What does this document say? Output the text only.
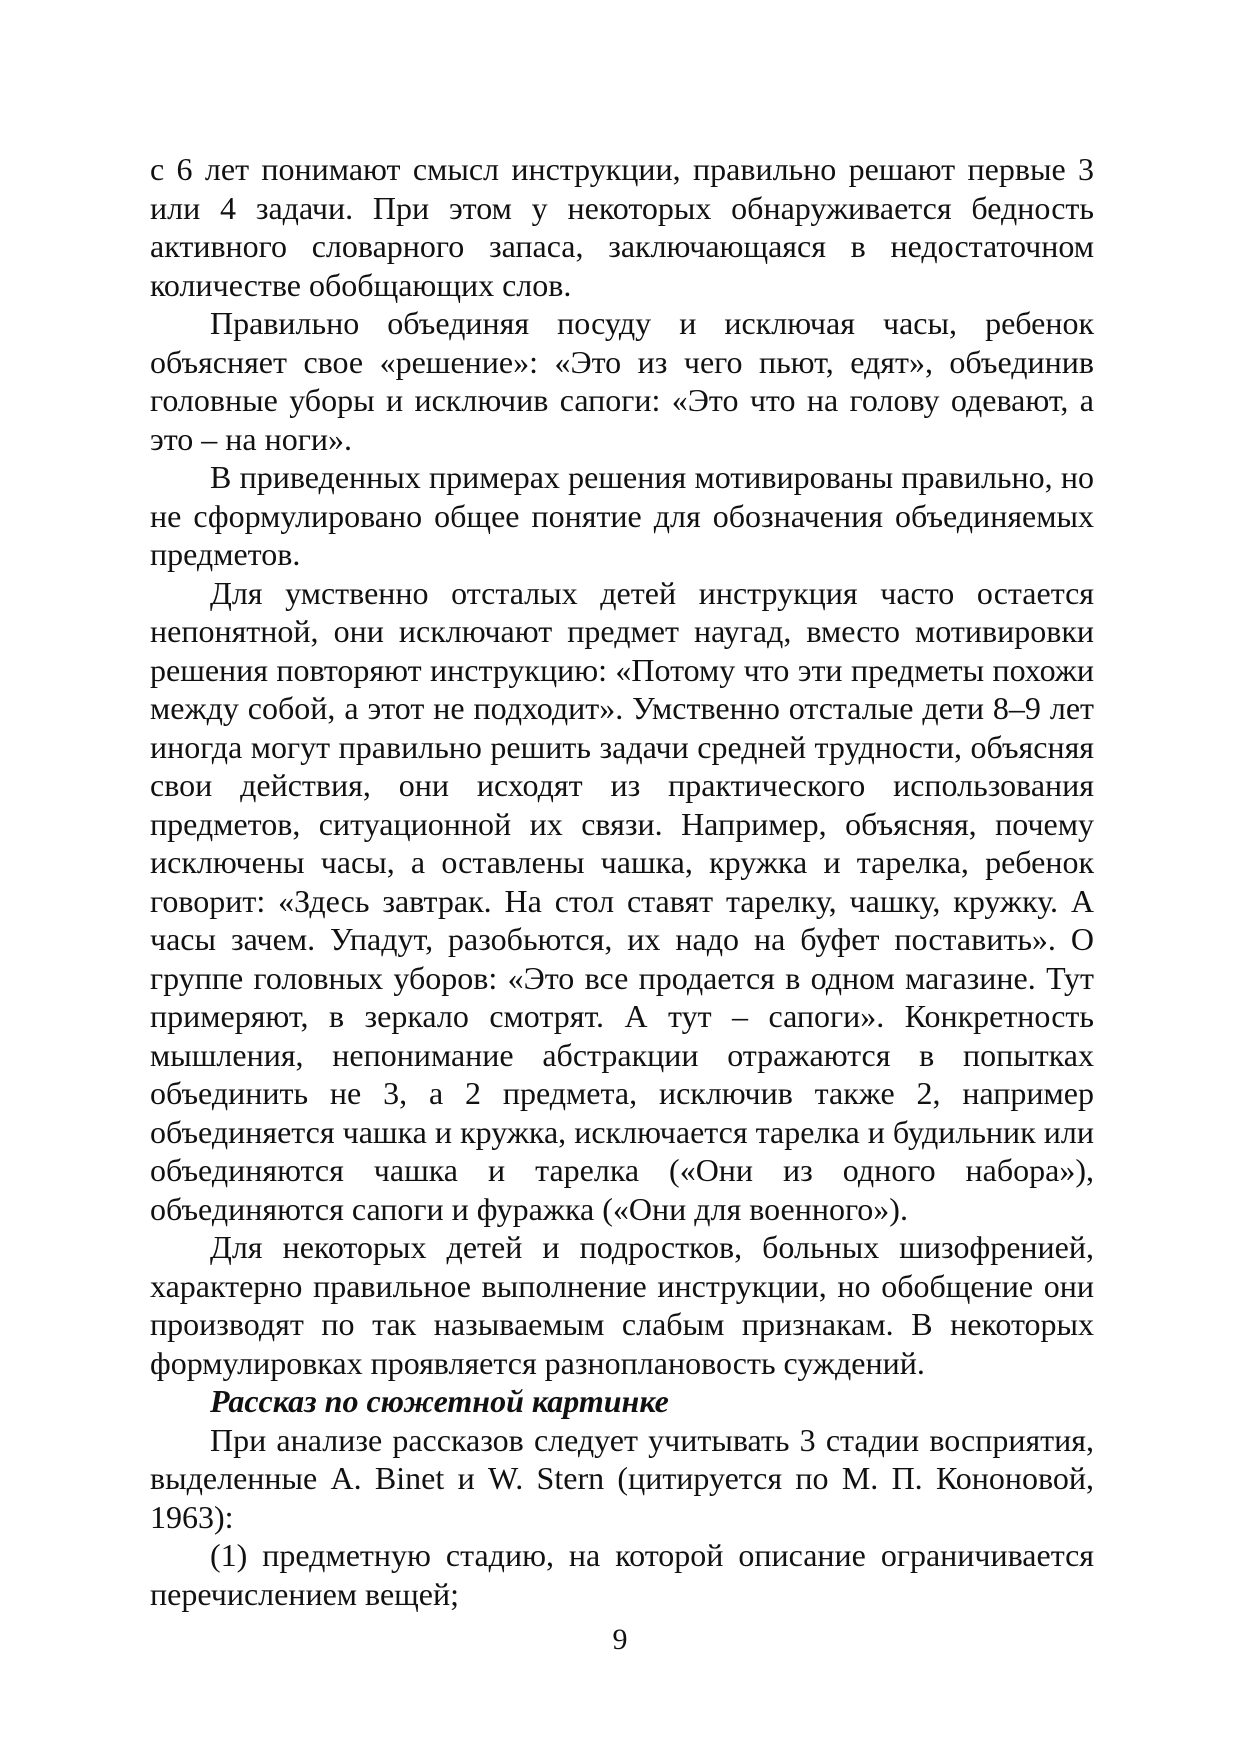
с 6 лет понимают смысл инструкции, правильно решают первые 3 или 4 задачи. При этом у некоторых обнаруживается бедность активного словарного запаса, заключающаяся в недостаточном количестве обобщающих слов.

Правильно объединяя посуду и исключая часы, ребенок объясняет свое «решение»: «Это из чего пьют, едят», объединив головные уборы и исключив сапоги: «Это что на голову одевают, а это – на ноги».

В приведенных примерах решения мотивированы правильно, но не сформулировано общее понятие для обозначения объединяемых предметов.

Для умственно отсталых детей инструкция часто остается непонятной, они исключают предмет наугад, вместо мотивировки решения повторяют инструкцию: «Потому что эти предметы похожи между собой, а этот не подходит». Умственно отсталые дети 8–9 лет иногда могут правильно решить задачи средней трудности, объясняя свои действия, они исходят из практического использования предметов, ситуационной их связи. Например, объясняя, почему исключены часы, а оставлены чашка, кружка и тарелка, ребенок говорит: «Здесь завтрак. На стол ставят тарелку, чашку, кружку. А часы зачем. Упадут, разобьются, их надо на буфет поставить». О группе головных уборов: «Это все продается в одном магазине. Тут примеряют, в зеркало смотрят. А тут – сапоги». Конкретность мышления, непонимание абстракции отражаются в попытках объединить не 3, а 2 предмета, исключив также 2, например объединяется чашка и кружка, исключается тарелка и будильник или объединяются чашка и тарелка («Они из одного набора»), объединяются сапоги и фуражка («Они для военного»).

Для некоторых детей и подростков, больных шизофренией, характерно правильное выполнение инструкции, но обобщение они производят по так называемым слабым признакам. В некоторых формулировках проявляется разноплановость суждений.

Рассказ по сюжетной картинке

При анализе рассказов следует учитывать 3 стадии восприятия, выделенные A. Binet и W. Stern (цитируется по М. П. Кононовой, 1963):

(1) предметную стадию, на которой описание ограничивается перечислением вещей;

9
